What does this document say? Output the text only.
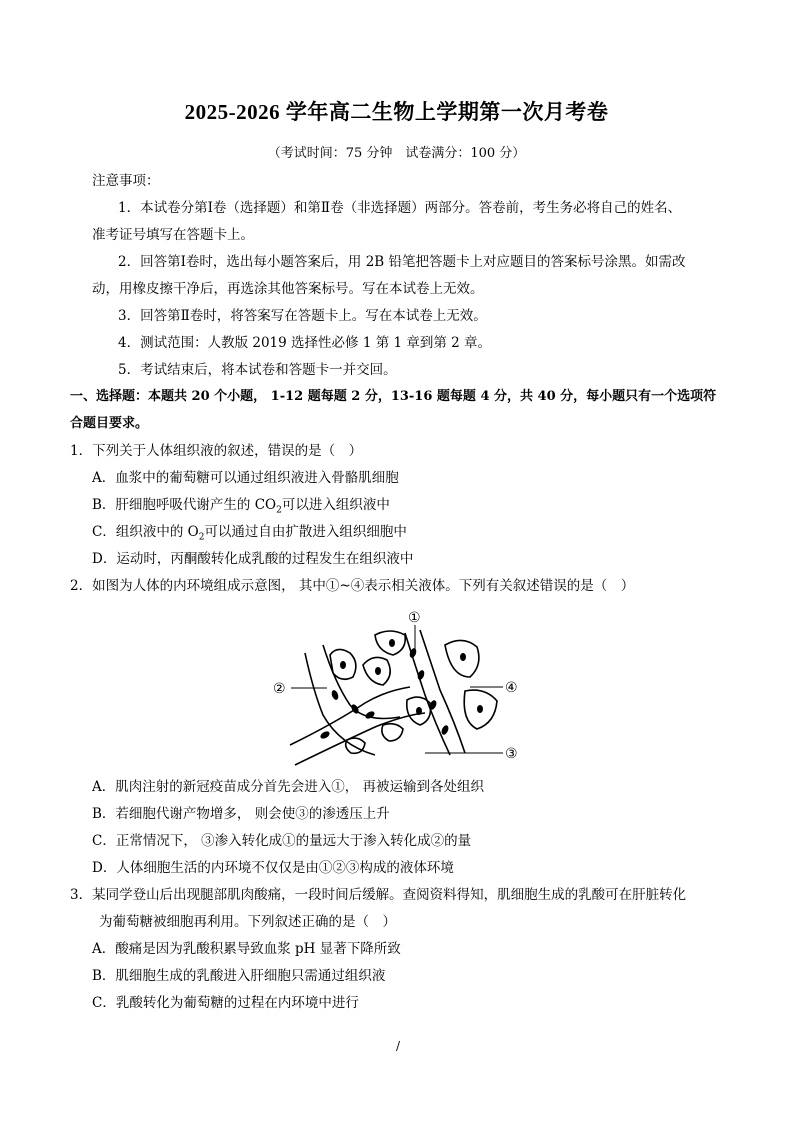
2025-2026 学年高二生物上学期第一次月考卷
（考试时间：75 分钟　试卷满分：100 分）
注意事项：
1．本试卷分第Ⅰ卷（选择题）和第Ⅱ卷（非选择题）两部分。答卷前，考生务必将自己的姓名、
准考证号填写在答题卡上。
2．回答第Ⅰ卷时，选出每小题答案后，用 2B 铅笔把答题卡上对应题目的答案标号涂黑。如需改
动，用橡皮擦干净后，再选涂其他答案标号。写在本试卷上无效。
3．回答第Ⅱ卷时，将答案写在答题卡上。写在本试卷上无效。
4．测试范围：人教版 2019 选择性必修 1 第 1 章到第 2 章。
5．考试结束后，将本试卷和答题卡一并交回。
一、选择题：本题共 20 个小题， 1-12 题每题 2 分，13-16 题每题 4 分，共 40 分，每小题只有一个选项符
合题目要求。
1．下列关于人体组织液的叙述，错误的是（　）
A．血浆中的葡萄糖可以通过组织液进入骨骼肌细胞
B．肝细胞呼吸代谢产生的 $CO_2$可以进入组织液中
C．组织液中的 $O_2$可以通过自由扩散进入组织细胞中
D．运动时，丙酮酸转化成乳酸的过程发生在组织液中
2．如图为人体的内环境组成示意图， 其中①~④表示相关液体。下列有关叙述错误的是（　）
①
②
③
④
A．肌肉注射的新冠疫苗成分首先会进入①， 再被运输到各处组织
B．若细胞代谢产物增多， 则会使③的渗透压上升
C．正常情况下， ③渗入转化成①的量远大于渗入转化成②的量
D．人体细胞生活的内环境不仅仅是由①②③构成的液体环境
3．某同学登山后出现腿部肌肉酸痛，一段时间后缓解。查阅资料得知，肌细胞生成的乳酸可在肝脏转化
为葡萄糖被细胞再利用。下列叙述正确的是（　）
A．酸痛是因为乳酸积累导致血浆 pH 显著下降所致
B．肌细胞生成的乳酸进入肝细胞只需通过组织液
C．乳酸转化为葡萄糖的过程在内环境中进行
/
